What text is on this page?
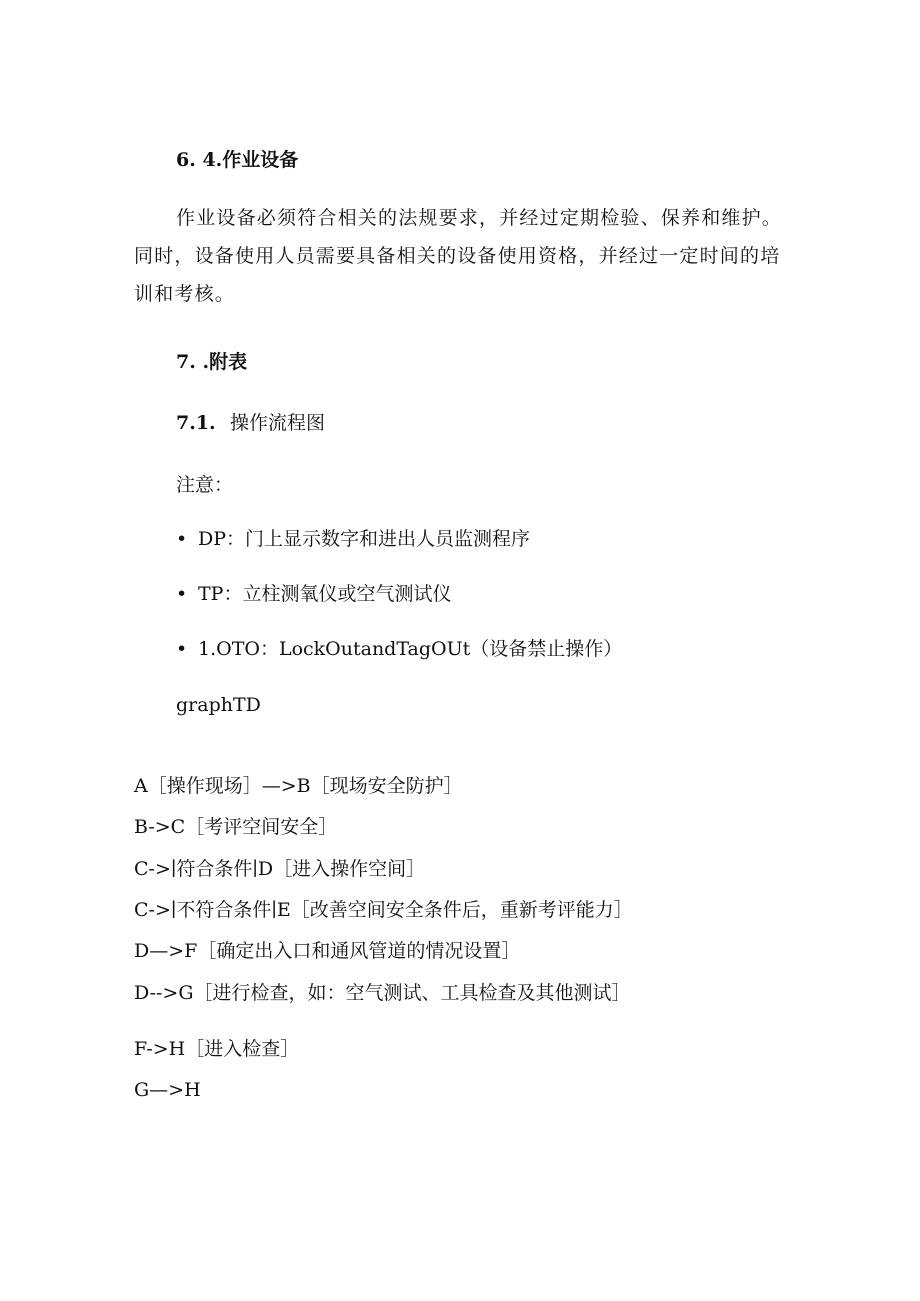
6. 4.作业设备
作业设备必须符合相关的法规要求，并经过定期检验、保养和维护。同时，设备使用人员需要具备相关的设备使用资格，并经过一定时间的培训和考核。
7. .附表
7.1. 操作流程图
注意：
• DP：门上显示数字和进出人员监测程序
• TP：立柱测氧仪或空气测试仪
• 1.OTO：LockOutandTagOUt（设备禁止操作）
graphTD
A［操作现场］—>B［现场安全防护］
B->C［考评空间安全］
C->∣符合条件∣D［进入操作空间］
C->∣不符合条件∣E［改善空间安全条件后，重新考评能力］
D—>F［确定出入口和通风管道的情况设置］
D-->G［进行检查，如：空气测试、工具检查及其他测试］
F->H［进入检查］
G—>H
